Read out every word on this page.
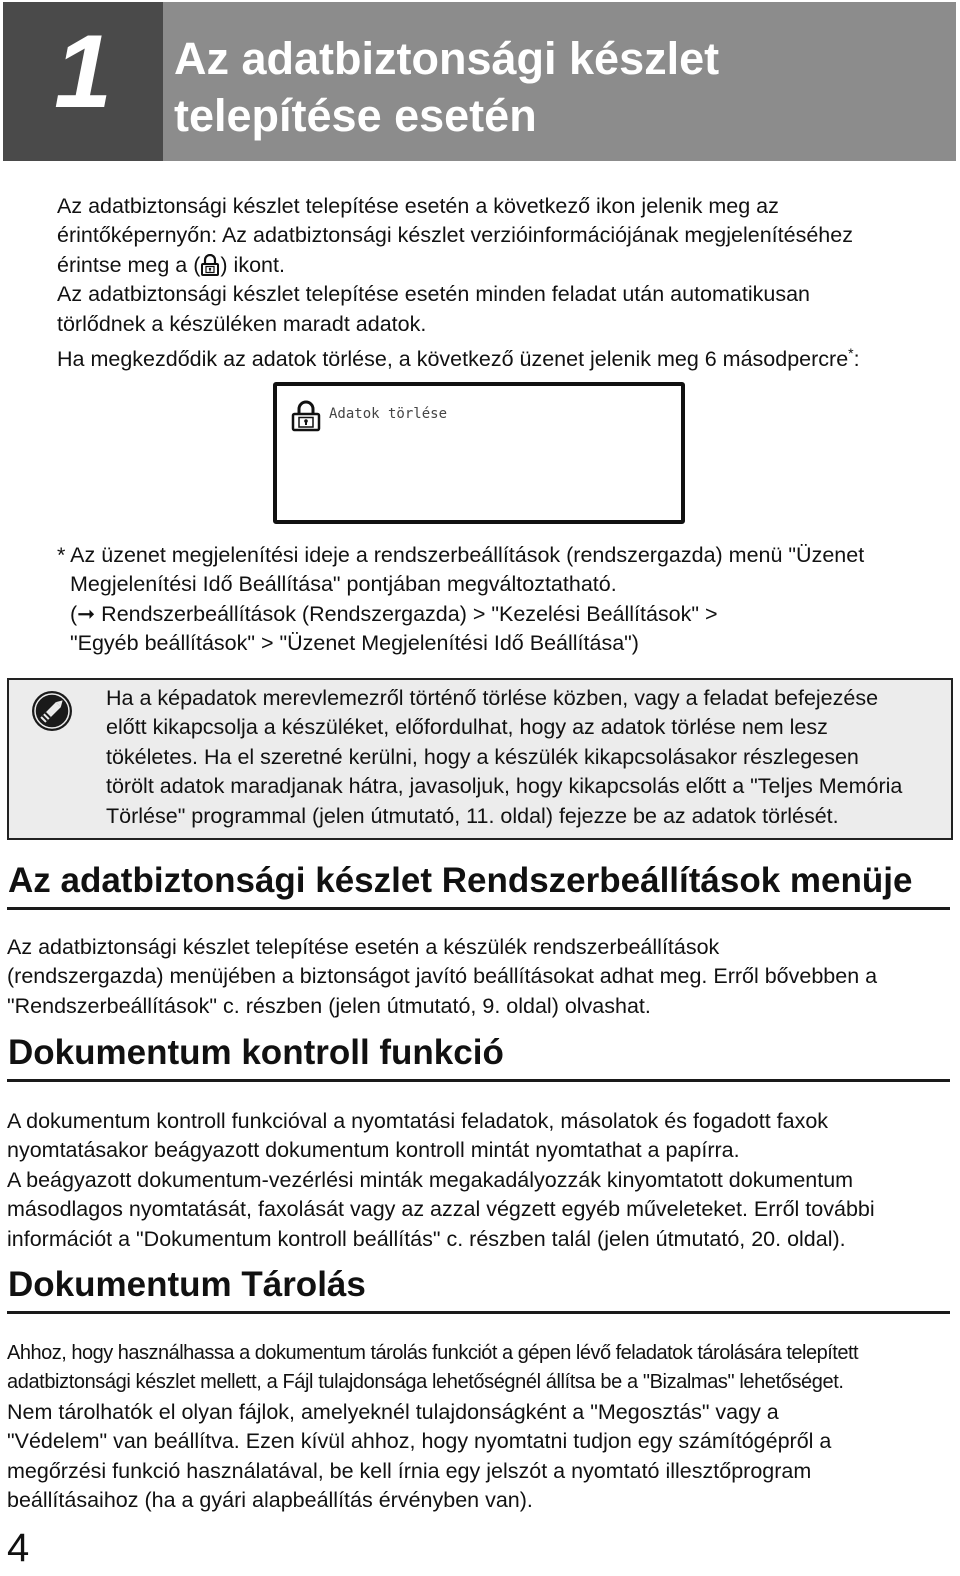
1	Az adatbiztonsági készlet
telepítése esetén
Az adatbiztonsági készlet telepítése esetén a következő ikon jelenik meg az
érintőképernyőn: Az adatbiztonsági készlet verzióinformációjának megjelenítéséhez
érintse meg a ( ) ikont.
Az adatbiztonsági készlet telepítése esetén minden feladat után automatikusan
törlődnek a készüléken maradt adatok.
Ha megkezdődik az adatok törlése, a következő üzenet jelenik meg 6 másodpercre*:
Adatok törlése
* Az üzenet megjelenítési ideje a rendszerbeállítások (rendszergazda) menü "Üzenet
Megjelenítési Idő Beállítása" pontjában megváltoztatható.
(➞ Rendszerbeállítások (Rendszergazda) > "Kezelési Beállítások" >
"Egyéb beállítások" > "Üzenet Megjelenítési Idő Beállítása")
Ha a képadatok merevlemezről történő törlése közben, vagy a feladat befejezése
előtt kikapcsolja a készüléket, előfordulhat, hogy az adatok törlése nem lesz
tökéletes. Ha el szeretné kerülni, hogy a készülék kikapcsolásakor részlegesen
törölt adatok maradjanak hátra, javasoljuk, hogy kikapcsolás előtt a "Teljes Memória
Törlése" programmal (jelen útmutató, 11. oldal) fejezze be az adatok törlését.
Az adatbiztonsági készlet Rendszerbeállítások menüje
Az adatbiztonsági készlet telepítése esetén a készülék rendszerbeállítások
(rendszergazda) menüjében a biztonságot javító beállításokat adhat meg. Erről bővebben a
"Rendszerbeállítások" c. részben (jelen útmutató, 9. oldal) olvashat.
Dokumentum kontroll funkció
A dokumentum kontroll funkcióval a nyomtatási feladatok, másolatok és fogadott faxok
nyomtatásakor beágyazott dokumentum kontroll mintát nyomtathat a papírra.
A beágyazott dokumentum-vezérlési minták megakadályozzák kinyomtatott dokumentum
másodlagos nyomtatását, faxolását vagy az azzal végzett egyéb műveleteket. Erről további
információt a "Dokumentum kontroll beállítás" c. részben talál (jelen útmutató, 20. oldal).
Dokumentum Tárolás
Ahhoz, hogy használhassa a dokumentum tárolás funkciót a gépen lévő feladatok tárolására telepített
adatbiztonsági készlet mellett, a Fájl tulajdonsága lehetőségnél állítsa be a "Bizalmas" lehetőséget.
Nem tárolhatók el olyan fájlok, amelyeknél tulajdonságként a "Megosztás" vagy a
"Védelem" van beállítva. Ezen kívül ahhoz, hogy nyomtatni tudjon egy számítógépről a
megőrzési funkció használatával, be kell írnia egy jelszót a nyomtató illesztőprogram
beállításaihoz (ha a gyári alapbeállítás érvényben van).
4
